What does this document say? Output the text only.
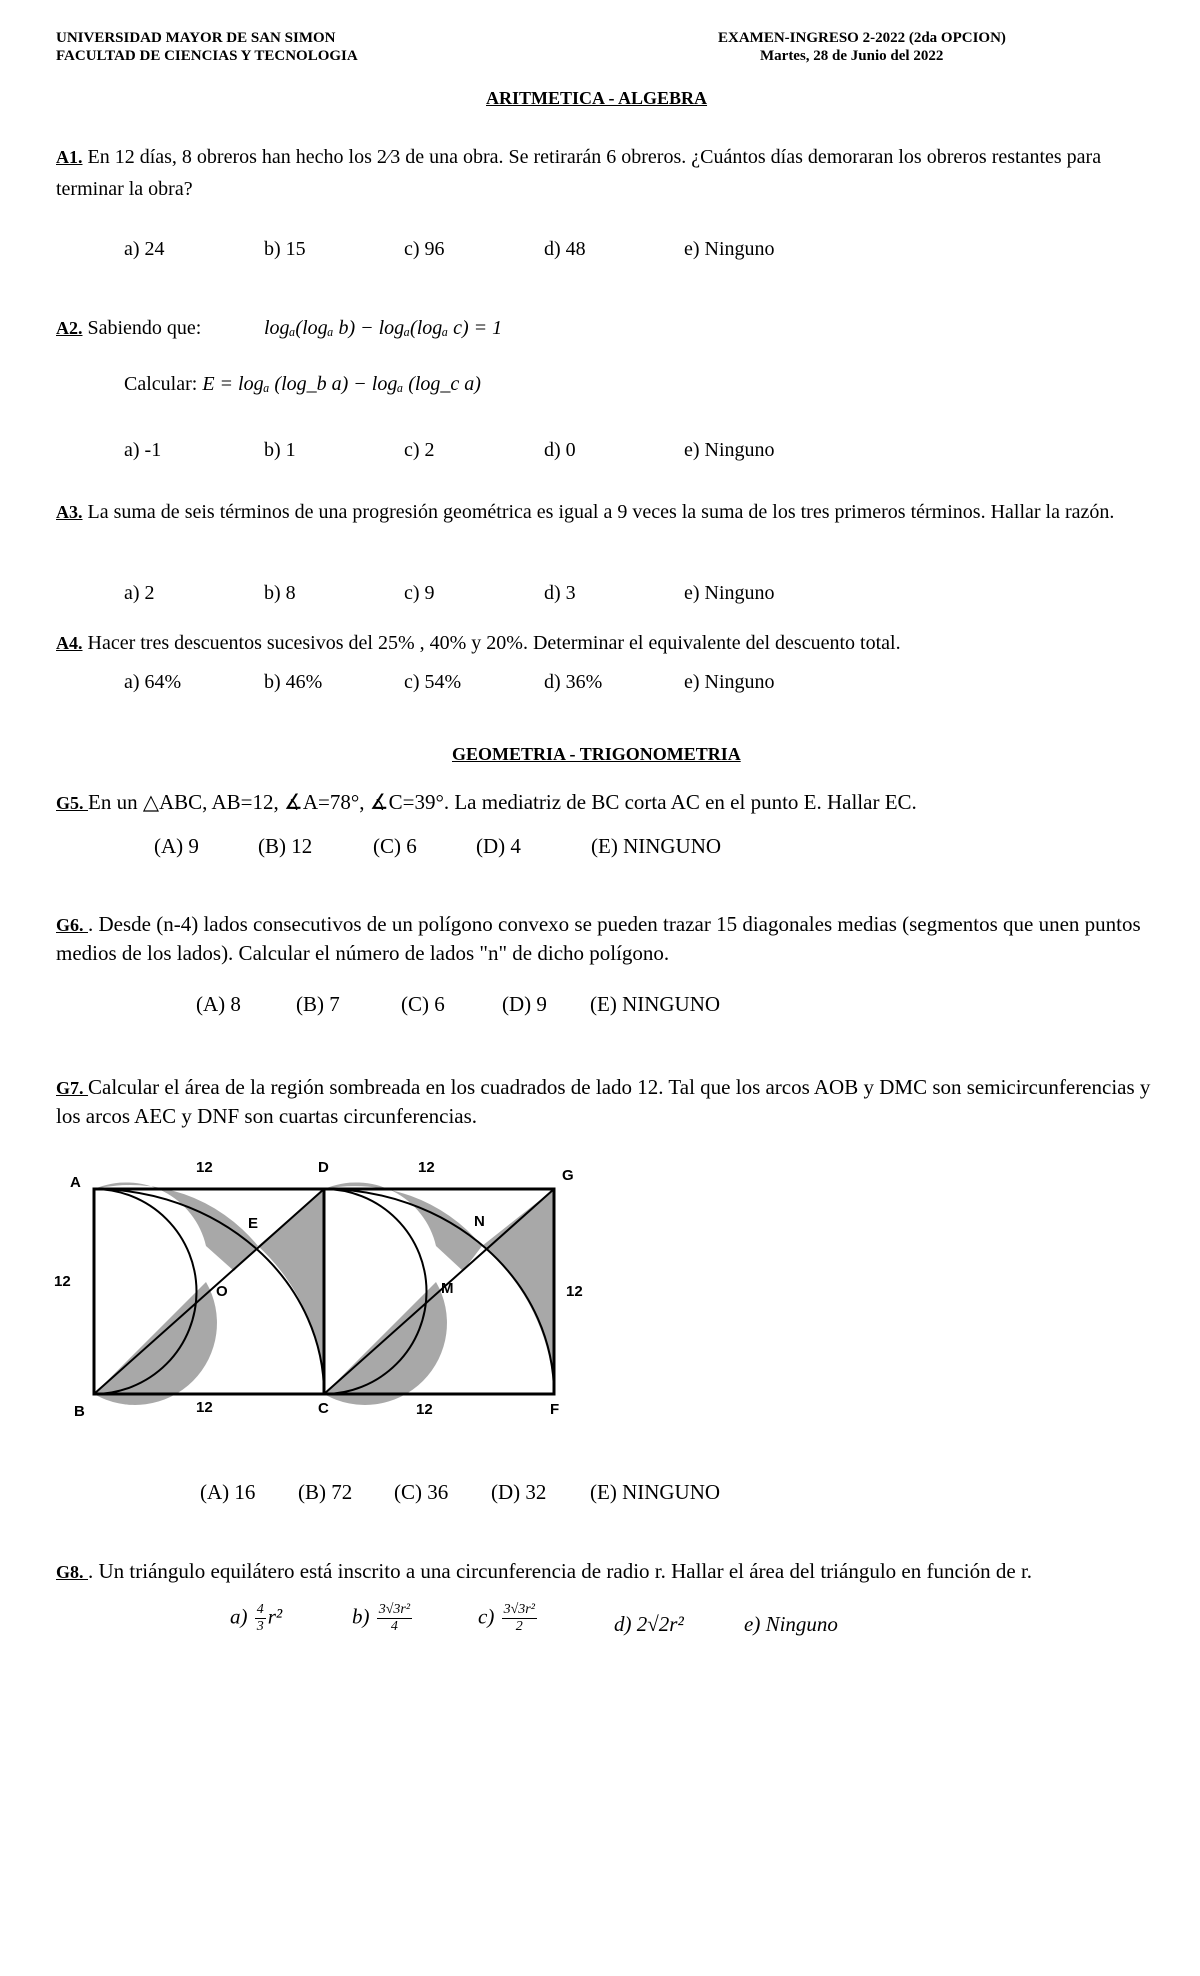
UNIVERSIDAD MAYOR DE SAN SIMON
FACULTAD DE CIENCIAS Y TECNOLOGIA
EXAMEN-INGRESO 2-2022 (2da OPCION)
Martes, 28 de Junio del 2022
ARITMETICA - ALGEBRA
A1. En 12 días, 8 obreros han hecho los 2⁄3 de una obra. Se retirarán 6 obreros. ¿Cuántos días demoraran los obreros restantes para terminar la obra?
a) 24	b) 15	c) 96	d) 48	e) Ninguno
A2. Sabiendo que:	logₐ(logₐ b) − logₐ(logₐ c) = 1
Calcular: E = logₐ (log_b a) − logₐ (log_c a)
a) -1	b) 1	c) 2	d) 0	e) Ninguno
A3. La suma de seis términos de una progresión geométrica es igual a 9 veces la suma de los tres primeros términos. Hallar la razón.
a) 2	b) 8	c) 9	d) 3	e) Ninguno
A4. Hacer tres descuentos sucesivos del 25% , 40% y 20%. Determinar el equivalente del descuento total.
a) 64%	b) 46%	c) 54%	d) 36%	e) Ninguno
GEOMETRIA - TRIGONOMETRIA
G5. En un △ABC, AB=12, ∡A=78°, ∡C=39°. La mediatriz de BC corta AC en el punto E. Hallar EC.
(A) 9	(B) 12	(C) 6	(D) 4	(E) NINGUNO
G6. . Desde (n-4) lados consecutivos de un polígono convexo se pueden trazar 15 diagonales medias (segmentos que unen puntos medios de los lados). Calcular el número de lados "n" de dicho polígono.
(A) 8	(B) 7	(C) 6	(D) 9 (E) NINGUNO
G7. Calcular el área de la región sombreada en los cuadrados de lado 12. Tal que los arcos AOB y DMC son semicircunferencias y los arcos AEC y DNF son cuartas circunferencias.
A
D	G
B	C	F
E
O
N
M
12	12
12
12
12	12
(A) 16 (B) 72 (C) 36 (D) 32 (E) NINGUNO
G8. . Un triángulo equilátero está inscrito a una circunferencia de radio r. Hallar el área del triángulo en función de r.
$a) \frac{4}{3} r^2$	$b) \frac{\text{3√3r²}}{4}$	$c) \frac{\text{3√3r²}}{2}$	d) 2√2r²	e) Ninguno
